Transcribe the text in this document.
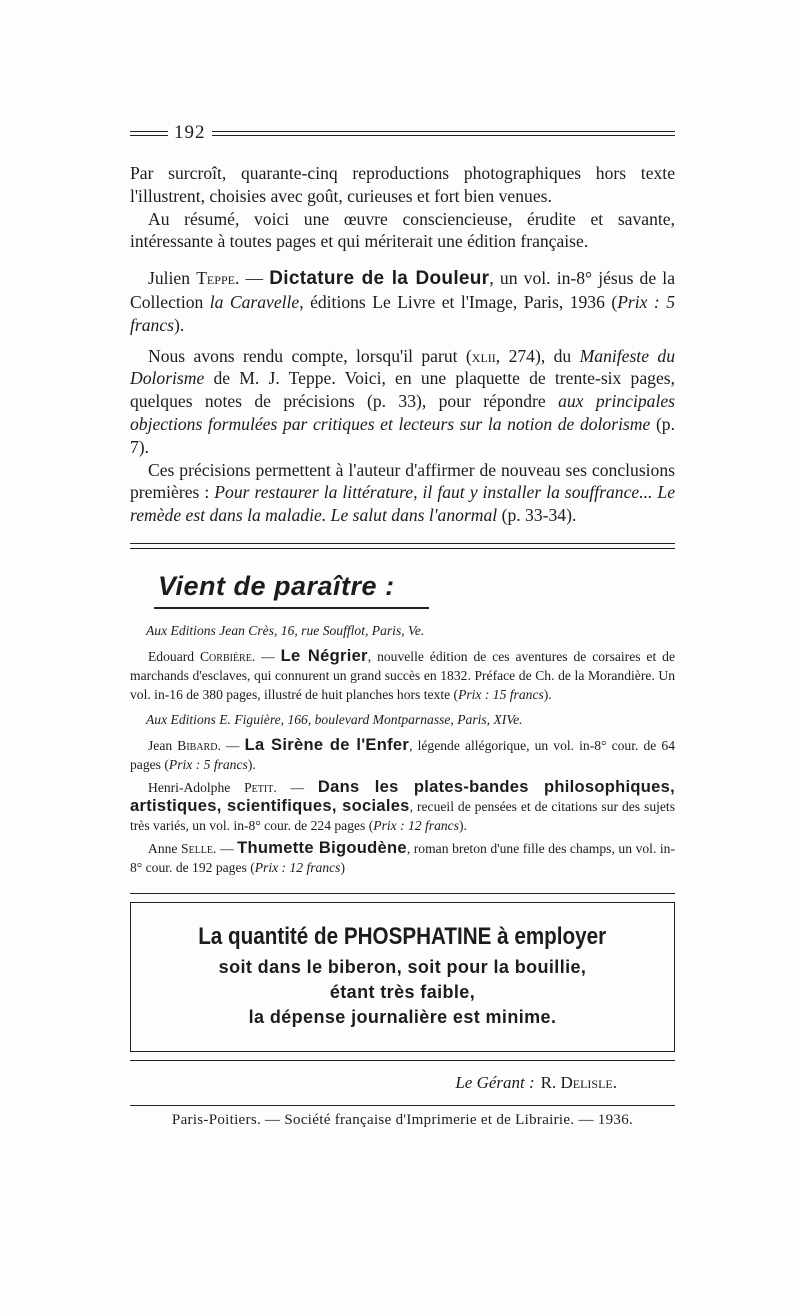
192

Par surcroît, quarante-cinq reproductions photographiques hors texte l'illustrent, choisies avec goût, curieuses et fort bien venues.

Au résumé, voici une œuvre consciencieuse, érudite et savante, intéressante à toutes pages et qui mériterait une édition française.

Julien Teppe. — Dictature de la Douleur, un vol. in-8° jésus de la Collection la Caravelle, éditions Le Livre et l'Image, Paris, 1936 (Prix : 5 francs).

Nous avons rendu compte, lorsqu'il parut (xlii, 274), du Manifeste du Dolorisme de M. J. Teppe. Voici, en une plaquette de trente-six pages, quelques notes de précisions (p. 33), pour répondre aux principales objections formulées par critiques et lecteurs sur la notion de dolorisme (p. 7).

Ces précisions permettent à l'auteur d'affirmer de nouveau ses conclusions premières : Pour restaurer la littérature, il faut y installer la souffrance... Le remède est dans la maladie. Le salut dans l'anormal (p. 33-34).

Vient de paraître :

Aux Editions Jean Crès, 16, rue Soufflot, Paris, Ve.

Edouard Corbière. — Le Négrier, nouvelle édition de ces aventures de corsaires et de marchands d'esclaves, qui connurent un grand succès en 1832. Préface de Ch. de la Morandière. Un vol. in-16 de 380 pages, illustré de huit planches hors texte (Prix : 15 francs).

Aux Editions E. Figuière, 166, boulevard Montparnasse, Paris, XIVe.

Jean Bibard. — La Sirène de l'Enfer, légende allégorique, un vol. in-8° cour. de 64 pages (Prix : 5 francs).

Henri-Adolphe Petit. — Dans les plates-bandes philosophiques, artistiques, scientifiques, sociales, recueil de pensées et de citations sur des sujets très variés, un vol. in-8° cour. de 224 pages (Prix : 12 francs).

Anne Selle. — Thumette Bigoudène, roman breton d'une fille des champs, un vol. in-8° cour. de 192 pages (Prix : 12 francs)

La quantité de PHOSPHATINE à employer
soit dans le biberon, soit pour la bouillie,
étant très faible,
la dépense journalière est minime.
Le Gérant : R. Delisle.
Paris-Poitiers. — Société française d'Imprimerie et de Librairie. — 1936.
